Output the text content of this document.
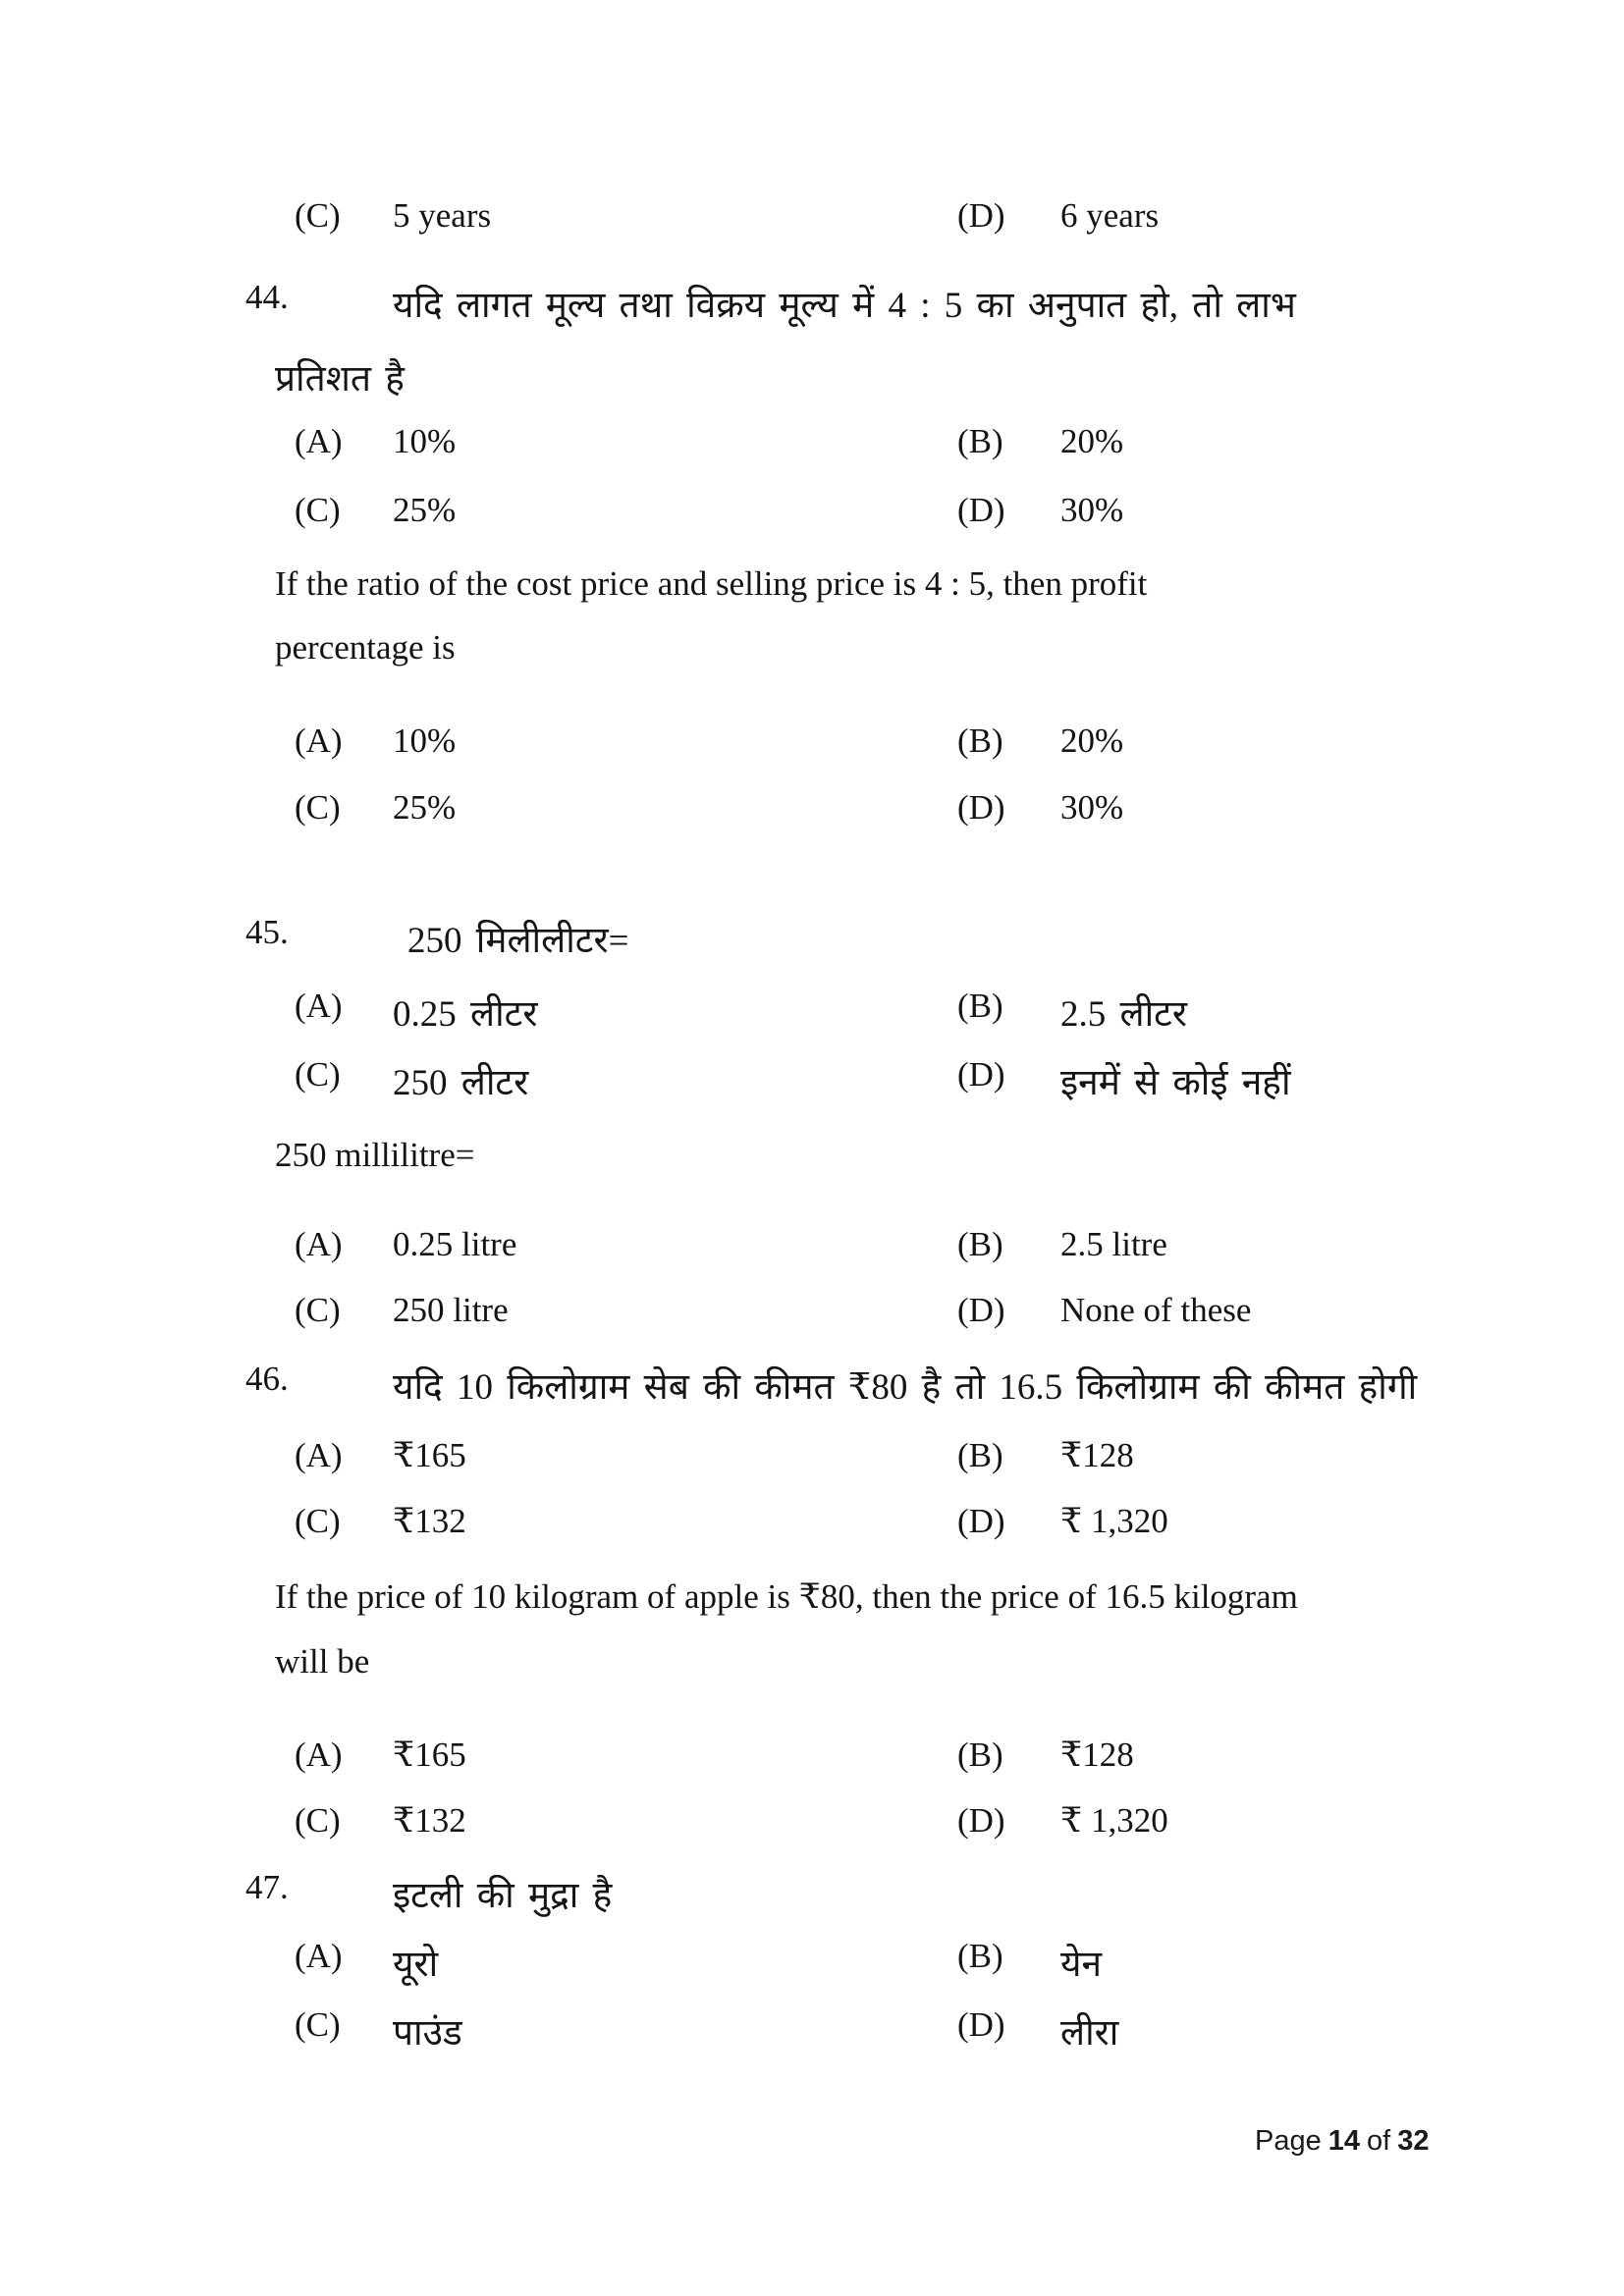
(C) 5 years	(D) 6 years
44.	यदि लागत मूल्य तथा विक्रय मूल्य में 4 : 5 का अनुपात हो, तो लाभ
प्रतिशत है
(A) 10%	(B) 20%
(C) 25%	(D) 30%
If the ratio of the cost price and selling price is 4 : 5, then profit
percentage is
(A) 10%	(B) 20%
(C) 25%	(D) 30%
45.	250 मिलीलीटर=
(A) 0.25 लीटर	(B) 2.5 लीटर
(C) 250 लीटर	(D) इनमें से कोई नहीं
250 millilitre=
(A) 0.25 litre	(B) 2.5 litre
(C) 250 litre	(D) None of these
46.	यदि 10 किलोग्राम सेब की कीमत ₹80 है तो 16.5 किलोग्राम की कीमत होगी
(A) ₹165	(B) ₹128
(C) ₹132	(D) ₹ 1,320
If the price of 10 kilogram of apple is ₹80, then the price of 16.5 kilogram
will be
(A) ₹165	(B) ₹128
(C) ₹132	(D) ₹ 1,320
47.	इटली की मुद्रा है
(A) यूरो	(B) येन
(C) पाउंड	(D) लीरा
Page 14 of 32
